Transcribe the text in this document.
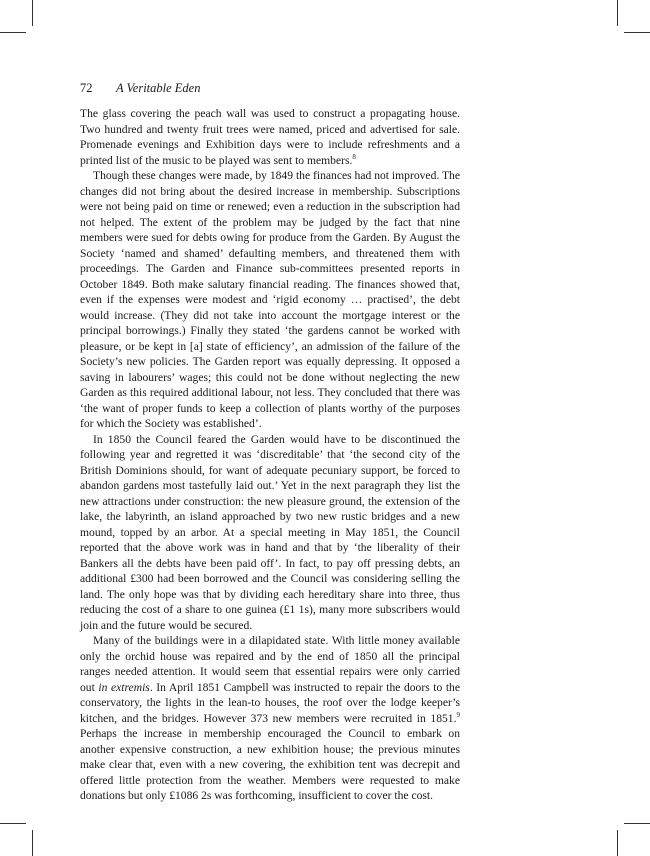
72 A Veritable Eden

The glass covering the peach wall was used to construct a propagating house. Two hundred and twenty fruit trees were named, priced and advertised for sale. Promenade evenings and Exhibition days were to include refreshments and a printed list of the music to be played was sent to members.$^8$

Though these changes were made, by 1849 the finances had not improved. The changes did not bring about the desired increase in membership. Subscriptions were not being paid on time or renewed; even a reduction in the subscription had not helped. The extent of the problem may be judged by the fact that nine members were sued for debts owing for produce from the Garden. By August the Society ‘named and shamed’ defaulting members, and threatened them with proceedings. The Garden and Finance sub-committees presented reports in October 1849. Both make salutary financial reading. The finances showed that, even if the expenses were modest and ‘rigid economy … practised’, the debt would increase. (They did not take into account the mortgage interest or the principal borrowings.) Finally they stated ‘the gardens cannot be worked with pleasure, or be kept in [a] state of efficiency’, an admission of the failure of the Society’s new policies. The Garden report was equally depressing. It opposed a saving in labourers’ wages; this could not be done without neglecting the new Garden as this required additional labour, not less. They concluded that there was ‘the want of proper funds to keep a collection of plants worthy of the purposes for which the Society was established’.

In 1850 the Council feared the Garden would have to be discontinued the following year and regretted it was ‘discreditable’ that ‘the second city of the British Dominions should, for want of adequate pecuniary support, be forced to abandon gardens most tastefully laid out.’ Yet in the next paragraph they list the new attractions under construction: the new pleasure ground, the extension of the lake, the labyrinth, an island approached by two new rustic bridges and a new mound, topped by an arbor. At a special meeting in May 1851, the Council reported that the above work was in hand and that by ‘the liberality of their Bankers all the debts have been paid off’. In fact, to pay off pressing debts, an additional £300 had been borrowed and the Council was considering selling the land. The only hope was that by dividing each hereditary share into three, thus reducing the cost of a share to one guinea (£1 1s), many more subscribers would join and the future would be secured.

Many of the buildings were in a dilapidated state. With little money available only the orchid house was repaired and by the end of 1850 all the principal ranges needed attention. It would seem that essential repairs were only carried out in extremis. In April 1851 Campbell was instructed to repair the doors to the conservatory, the lights in the lean-to houses, the roof over the lodge keeper’s kitchen, and the bridges. However 373 new members were recruited in 1851.$^9$ Perhaps the increase in membership encouraged the Council to embark on another expensive construction, a new exhibition house; the previous minutes make clear that, even with a new covering, the exhibition tent was decrepit and offered little protection from the weather. Members were requested to make donations but only £1086 2s was forthcoming, insufficient to cover the cost.
